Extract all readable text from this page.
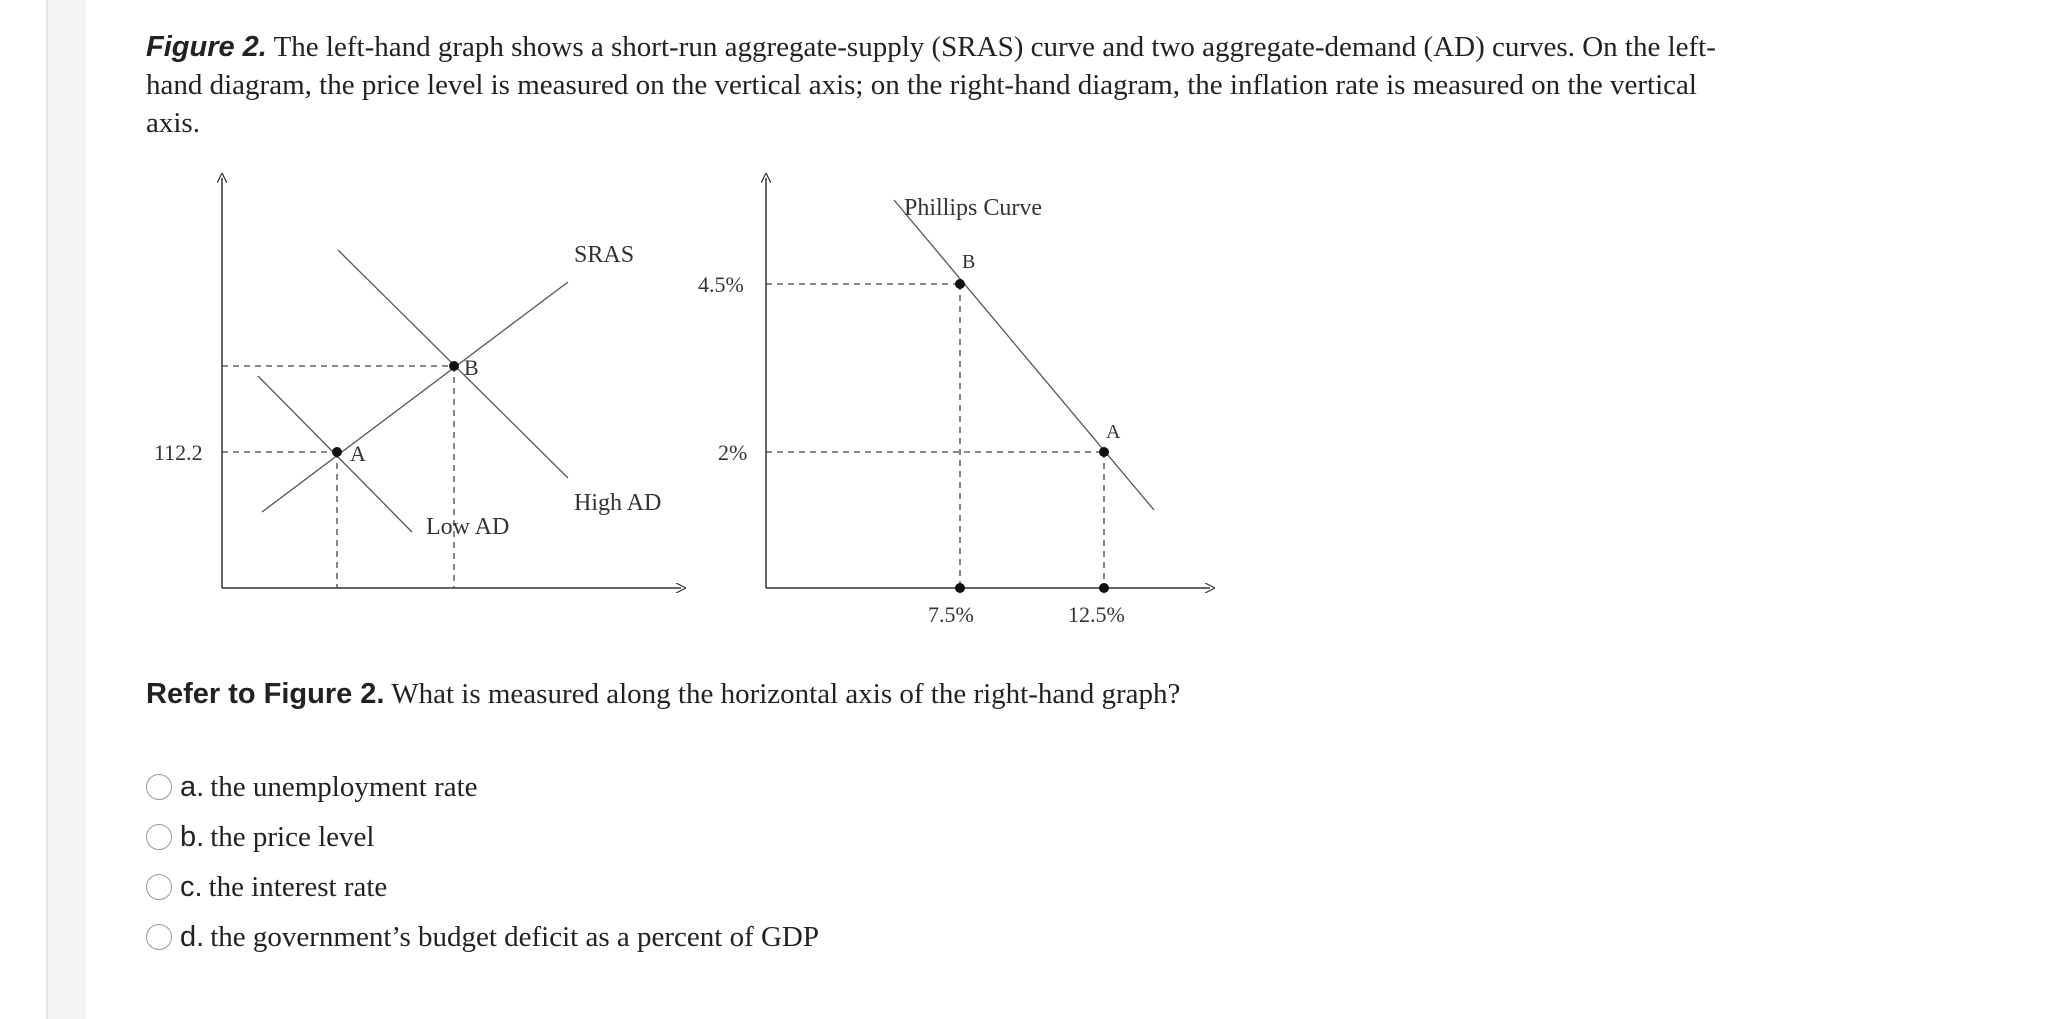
Figure 2. The left-hand graph shows a short-run aggregate-supply (SRAS) curve and two aggregate-demand (AD) curves. On the left-hand diagram, the price level is measured on the vertical axis; on the right-hand diagram, the inflation rate is measured on the vertical axis.

A
B
SRAS
High AD
Low AD
112.2
Phillips Curve
B
A
4.5%
2%
7.5%	12.5%

Refer to Figure 2. What is measured along the horizontal axis of the right-hand graph?

a. the unemployment rate
b. the price level
c. the interest rate
d. the government’s budget deficit as a percent of GDP
